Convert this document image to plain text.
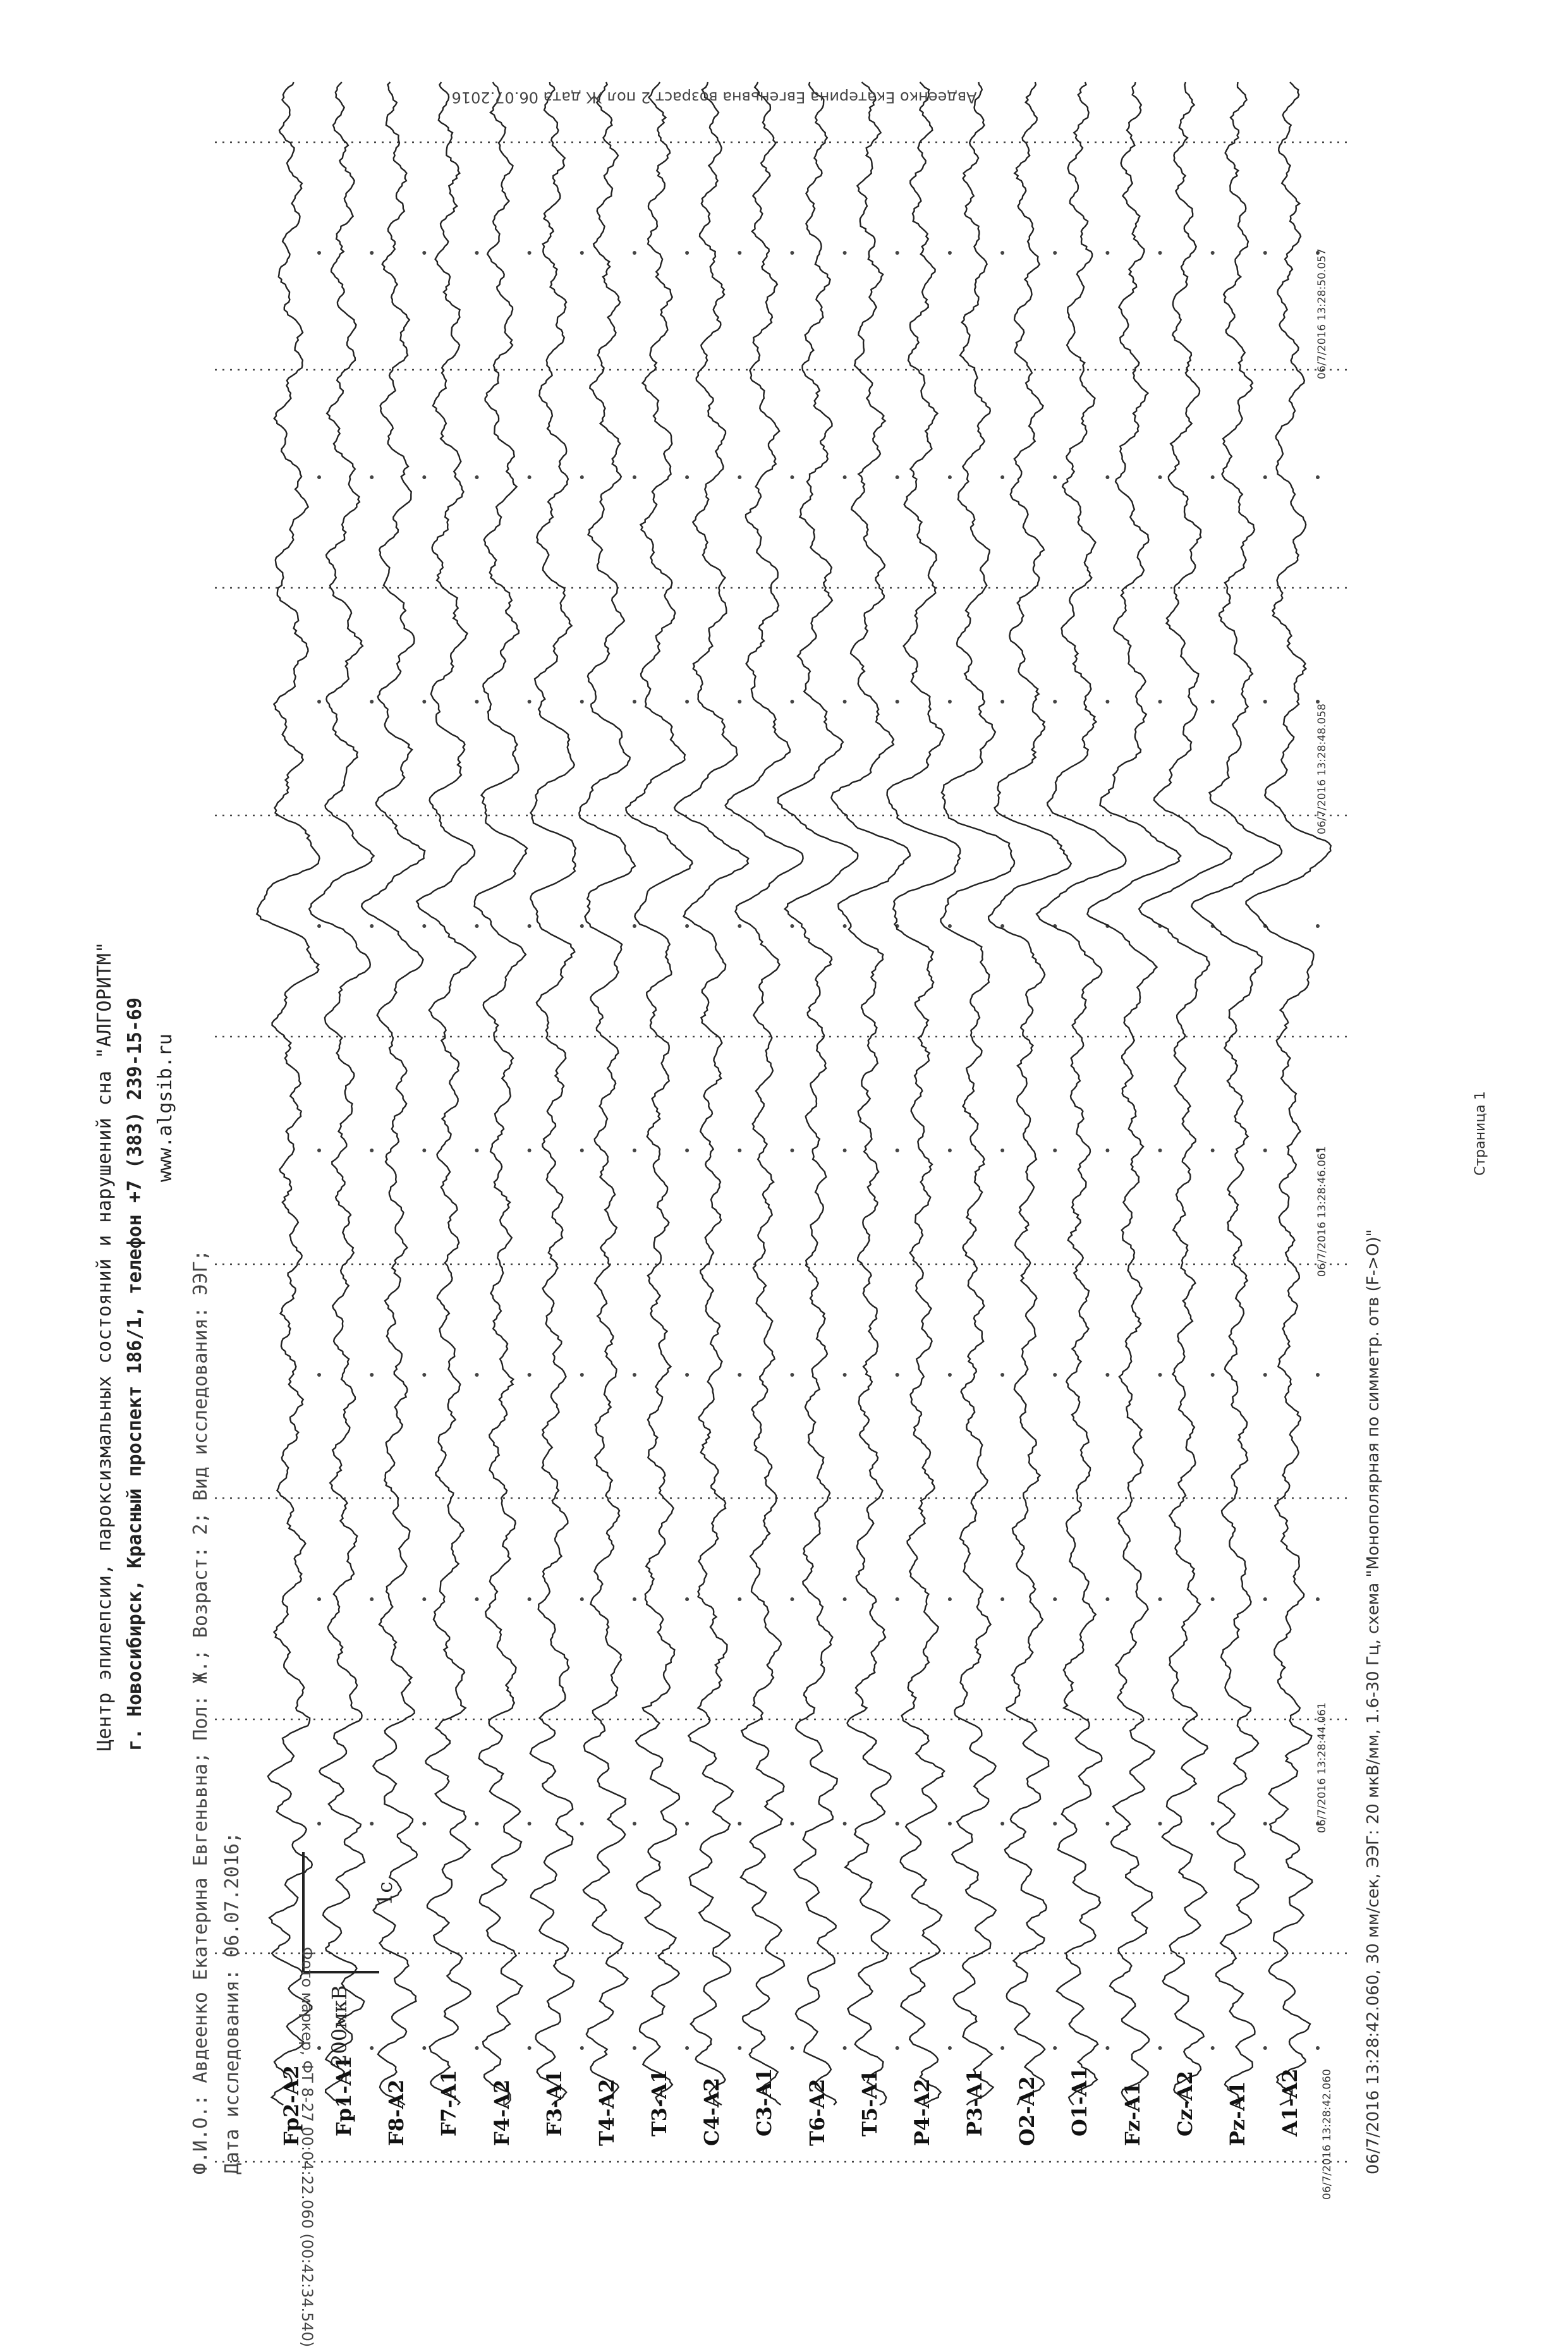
Центр эпилепсии, пароксизмальных состояний и нарушений сна "АЛГОРИТМ" г. Новосибирск, Красный проспект 186/1, телефон +7 (383) 239-15-69 www.algsib.ru
Ф.И.О.: Авдеенко Екатерина Евгеньвна; Пол: Ж.; Возраст: 2; Вид исследования: ЭЭГ; Дата исследования: 06.07.2016;
Авдеенко Екатерина Евгеньвна возраст 2 пол Ж дата 06.07.2016
Fp2-A2 Fp1-A1 F8-A2 F7-A1 F4-A2 F3-A1 T4-A2 T3-A1 C4-A2 C3-A1 T6-A2 T5-A1 P4-A2 P3-A1 O2-A2 O1-A1 Fz-A1 Cz-A2 Pz-A1 A1-A2
200мкВ
1с
06/7/2016 13:28:42.060
06/7/2016 13:28:44.061
06/7/2016 13:28:46.061
06/7/2016 13:28:48.058
06/7/2016 13:28:50.057
06/7/2016 13:28:42.060, 30 мм/сек, ЭЭГ: 20 мкВ/мм, 1.6-30 Гц, схема "Монополярная по симметр. отв (F->O)"
Фото маркер, ФТ 8-27 00:04:22.060 (00:42:34.540)
Страница 1
